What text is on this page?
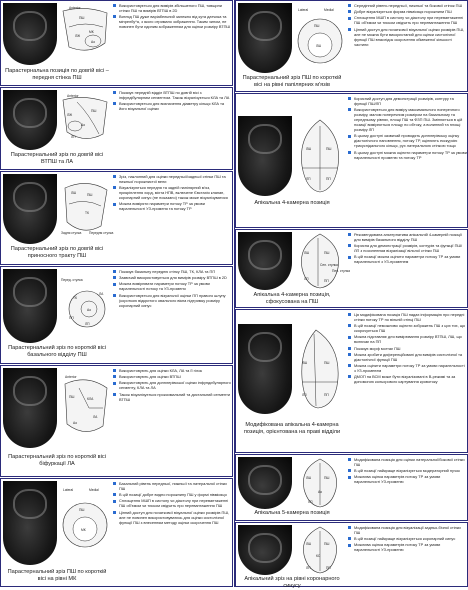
Anterior
ПШ
ЛЖ
МК
Ao
Парастернальна позиція по довгій вісі – передня стінка ПШ
Використовується для вимірів збільшеного ПШ, товщини стінки ПШ та вимірів ВТПШ в 2D
Вигляд ПШ дуже варіабельний залежно від кута датчика та мінрелбу*а, з якого отримано зображення. Таким чином, не повинен бути єдиним зображенням для оцінки розміру ВТПШ
Anterior
ПШ
ЛЖ
Ао
ЛП
Парастернальний зріз по довгій вісі ВТПШ та ЛА
Показує передній відділ ВТПШ по довгій вісі з інфундібулярним сегментом. Також візуалізується КЛА та ЛА
Використовується для визначення діаметру кільця КЛА та його візуальної оцінки
ПШ
ЛШ
ТК
Задня стулка Передня стулка
Парастернальний зріз по довгій вісі приносного тракту ПШ
Зріз, наклонний для оцінки передньої/задньої стінки ПШ та нижньої порожнистої вени
Візуалізуються передня та задній папілярний м'яз, прикріплення хорд, міхта НПВ, включене Євстахія клапан, коронарний синус (не показано) також може візуалізуватися
Можна виміряти параметри потоку ТР за умови паралельності УЗ-променя та потоку ТР
Перед. стулка
ПП
ЛП
Ао
ЛА
ТК
Парастернальний зріз по короткій вісі базального відділу ПШ
Показує базальну передню стінку ПШ, ТК, КЛА та ПП
Зазвичай використовується для вимірів розміру ВТПШ в 2D
Можна вимірювати параметри потоку ТР за умови паралельності потоку та УЗ-променя
Використовується для візуальної оцінки ПП правого шлуну (короткою відкритого овального вікна підтримку розміру коронарний синус
Anterior
ПШ	КЛА
ЛА
Ао
Парастернальний зріз по короткій вісі біфуркації ЛА
Використовують для оцінки КЛА, ЛА та її гілок
Використовують для оцінки ВТПШ
Використовують для допплерівської оцінки інфундибулярного сегменту, КЛА та ЛА
Також візуалізується проксимальний та дистальний сегменти ВТПШ
Lateral	Medial
ПШ
МК
Парастернальний зріз ПШ по короткій вісі на рівні МК
Базальний рівень передньої, нижньої та латеральної стінки ПШ
В цій позиції добре видно порожнину ПШ у формі півмісяця
Сплощення МШП в систолу чи діастолу при перевантаженні ПШ об'ємом чи тиском свідчить про перевантаження ПШ
Цінний доступ для початкової візуальної оцінки розмірів ПШ, але не повинен використовуватись для оцінки систолічної функції ПШ з внесенням методу оцінки скорочення ПШ
Lateral	Medial
ПШ
ЛШ
Парастернальний зріз ПШ по короткій вісі на рівні папілярних м'язів
Середінний рівень передньої, нижньої та бокової стінок ПШ
Добре візуалізується форма півмісяця порожнини ПШ
Сплощення МШП в систолу чи діастолу при перевантаженні ПШ об'ємом чи тиском свідчить про перевантаження ПШ
Цінний доступ для початкової візуальної оцінки розмірів ПШ, але не можна бути використаний для оцінки систолічної функції ПШ внаслідок скорочення обмеженої кількості частини
ЛШ	ПШ
ЛП	ПП
Апікальна 4-камерна позиція
Корисний доступ для демонстрації розмірів, контуру та функції ПШ/ЛП
Використовується для виміру максимального поперечного розміру, малом поперечним розміром на базальному та середньому рівнях, площі ПШ та ФЗП ПШ. Змінюється в цій позиції вимірюється площу по обтоку, а волинний та площі розміру ЛП
В цьому доступі зазвичай проводять допплерівську оцінку діастолічного наповнення, потоку ТР, оцінюють екскурсію трикуспідального кільця, рух латеральною стінкою тощо
В цьому доступі можна оцінити параметри потоку ТР за умови паралельності променю та потоку ТР
ЛШ	ПШ
Сеп. стулка
Пер. стулка
ЛП	ПП
Апікальна 4-камерна позиція, сфокусована на ПШ
Рекомендована альтернатива апікальній 4-камерній позиції для вимірів базального відділу ПШ
Корисна для демонстрації розмірів, контурів та функції ПШ/ЛП з посиленням візуалізації вільної стінки ПШ
В цій позиції можна оцінити параметри потоку ТР за умови паралельності з УЗ-променем
ЛШ	ПШ
ЛП	ПП
Модифікована апікальна 4-камерна позиція, орієнтована на праві відділи
Ця модифікована позиція ПШ надає інформацію про передні стінки потоку ТР по вільній стінці ПШ
В цій позиції неможливо оцінити зображень ПШ з цих тих, що скорочується ПШ
Можна підставляє для вимірювання розміру ВТПШ, ЛШ, що включає на ПП
Показує морф могтає ПШ
Можна зробити диференційовані для вимірів систолічної та діастолічної функції ПШ
Можна оцінити параметри потоку ТР за умови паралельності з УЗ-променем
ДМОП на ВСМ може бути візуалізовані в В-режимі та за допомогою кольорового картування кровотоку
ЛШ	ПШ
Ao
ЛП
Апікальна 5-камерна позиція
Модифікована позиція для оцінки латеральної/бокової стінки ПШ
В цій позиції найкраще візуалізується модераторний пучок
Можлива оцінка параметрів потоку ТР за умови паралельності УЗ-променю
ЛШ	ПШ
КС
ЛП	ПП
Апікальний зріз на рівні коронарного синусу
Модифікована позиція для візуалізації задньо-бічної стінки ПШ
В цій позиції найкраще візуалізується коронарний синус
Можлива оцінка параметрів потоку ТР за умови паралельності УЗ-променю
